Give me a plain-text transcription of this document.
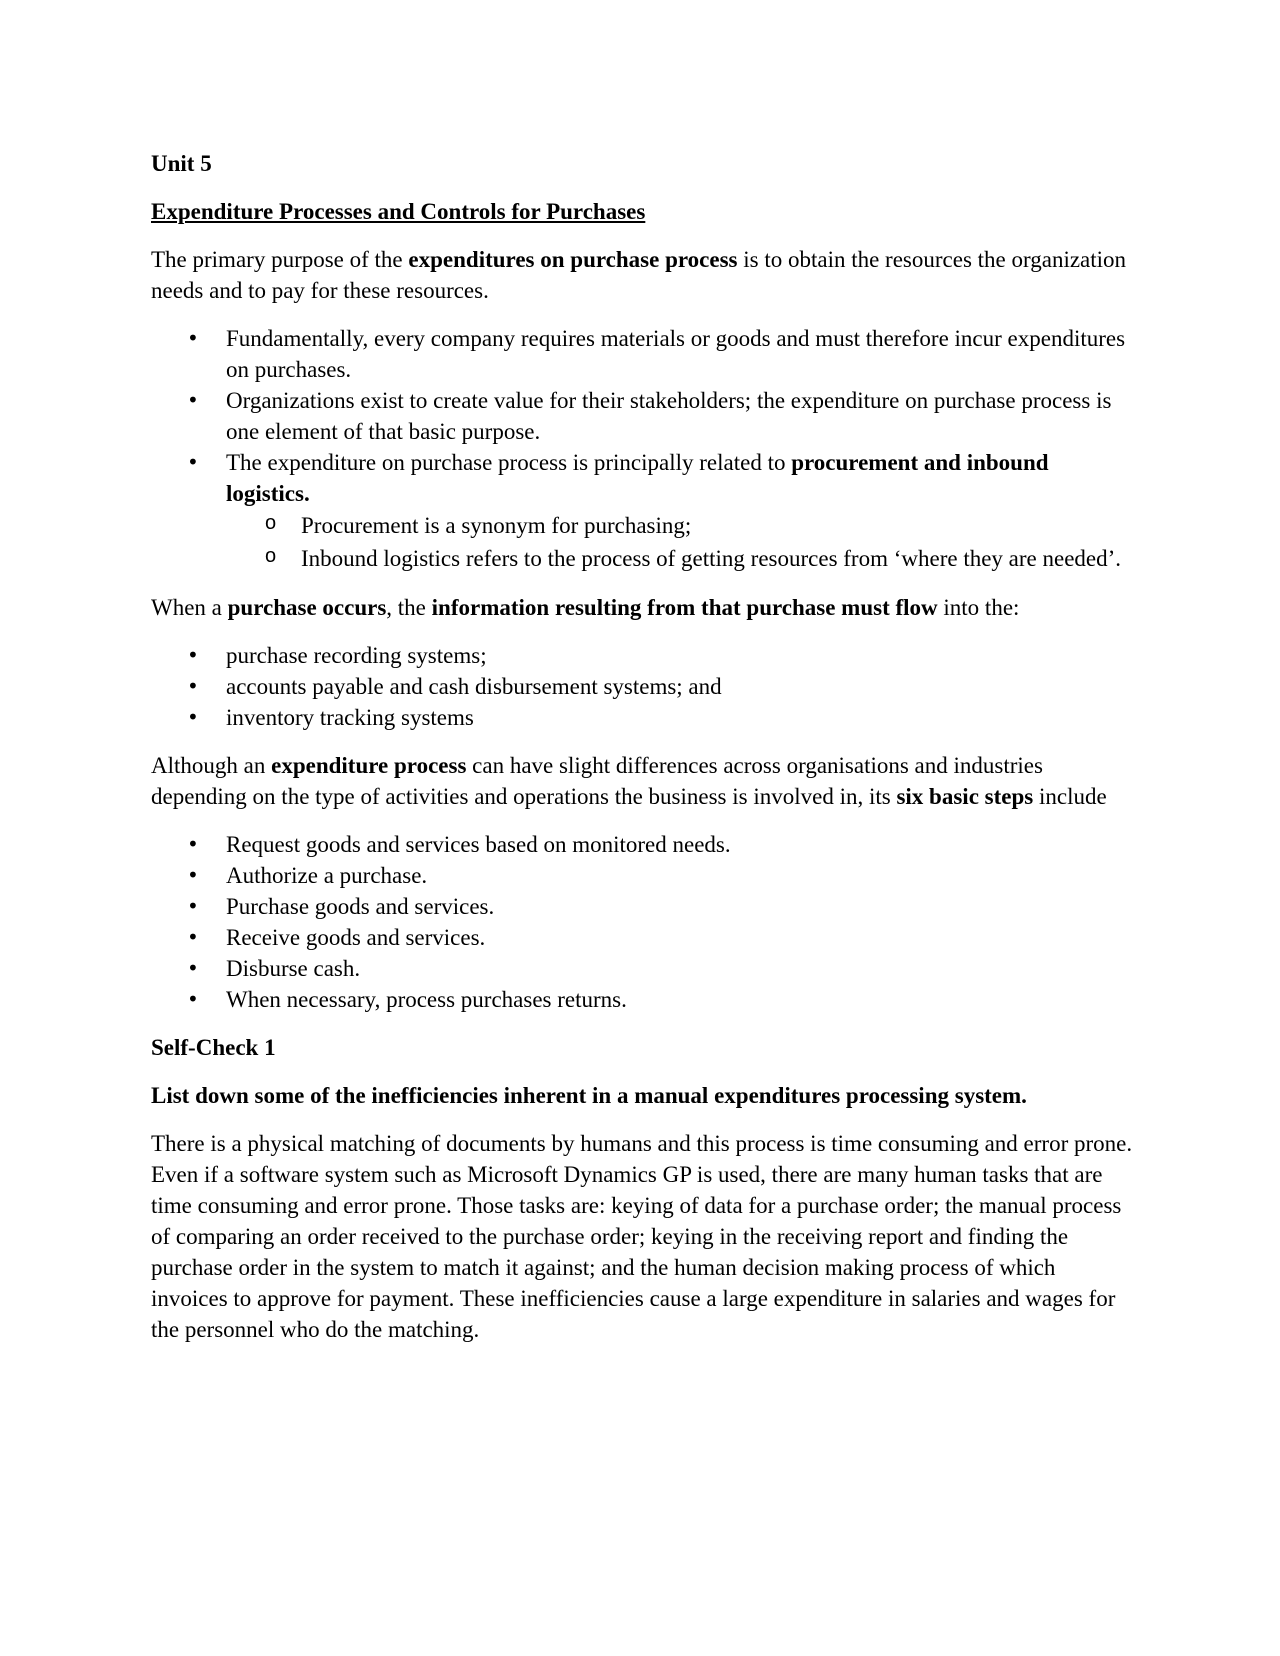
Unit 5

Expenditure Processes and Controls for Purchases

The primary purpose of the expenditures on purchase process is to obtain the resources the organization needs and to pay for these resources.

• Fundamentally, every company requires materials or goods and must therefore incur expenditures on purchases.
• Organizations exist to create value for their stakeholders; the expenditure on purchase process is one element of that basic purpose.
• The expenditure on purchase process is principally related to procurement and inbound logistics.
o Procurement is a synonym for purchasing;
o Inbound logistics refers to the process of getting resources from ‘where they are needed’.

When a purchase occurs, the information resulting from that purchase must flow into the:

• purchase recording systems;
• accounts payable and cash disbursement systems; and
• inventory tracking systems

Although an expenditure process can have slight differences across organisations and industries depending on the type of activities and operations the business is involved in, its six basic steps include

• Request goods and services based on monitored needs.
• Authorize a purchase.
• Purchase goods and services.
• Receive goods and services.
• Disburse cash.
• When necessary, process purchases returns.

Self-Check 1

List down some of the inefficiencies inherent in a manual expenditures processing system.

There is a physical matching of documents by humans and this process is time consuming and error prone. Even if a software system such as Microsoft Dynamics GP is used, there are many human tasks that are time consuming and error prone. Those tasks are: keying of data for a purchase order; the manual process of comparing an order received to the purchase order; keying in the receiving report and finding the purchase order in the system to match it against; and the human decision making process of which invoices to approve for payment. These inefficiencies cause a large expenditure in salaries and wages for the personnel who do the matching.
